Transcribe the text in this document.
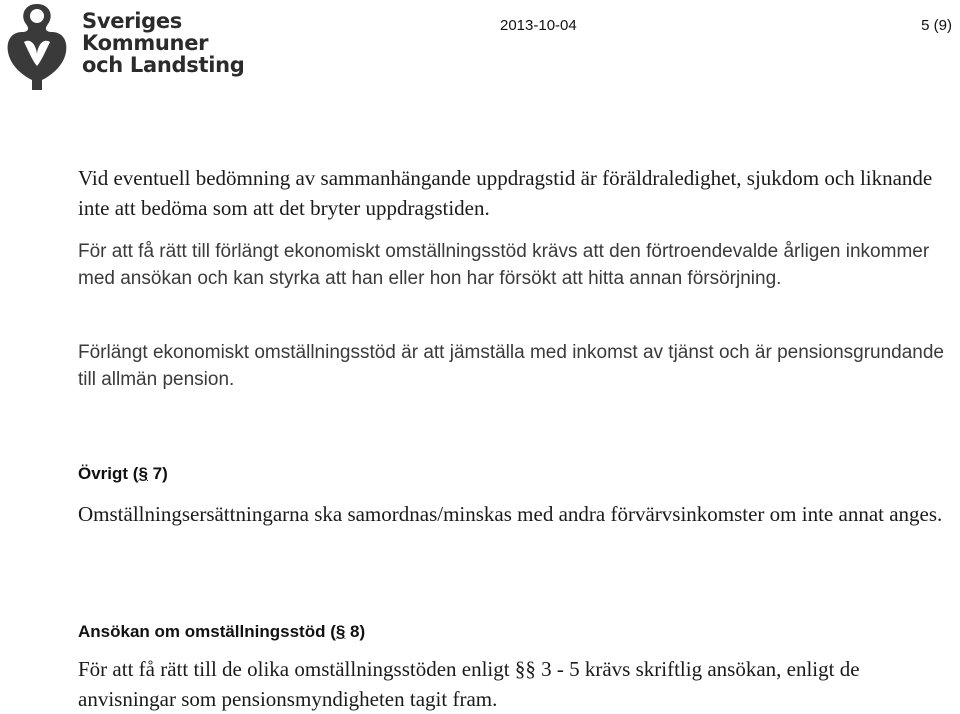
Sveriges
Kommuner
och Landsting
2013-10-04	5 (9)

Vid eventuell bedömning av sammanhängande uppdragstid är föräldraledighet, sjukdom och liknande inte att bedöma som att det bryter uppdragstiden.

För att få rätt till förlängt ekonomiskt omställningsstöd krävs att den förtroendevalde årligen inkommer med ansökan och kan styrka att han eller hon har försökt att hitta annan försörjning.

Förlängt ekonomiskt omställningsstöd är att jämställa med inkomst av tjänst och är pensionsgrundande till allmän pension.

Övrigt (§ 7)

Omställningsersättningarna ska samordnas/minskas med andra förvärvsinkomster om inte annat anges.

Ansökan om omställningsstöd (§ 8)

För att få rätt till de olika omställningsstöden enligt §§ 3 - 5 krävs skriftlig ansökan, enligt de anvisningar som pensionsmyndigheten tagit fram.
